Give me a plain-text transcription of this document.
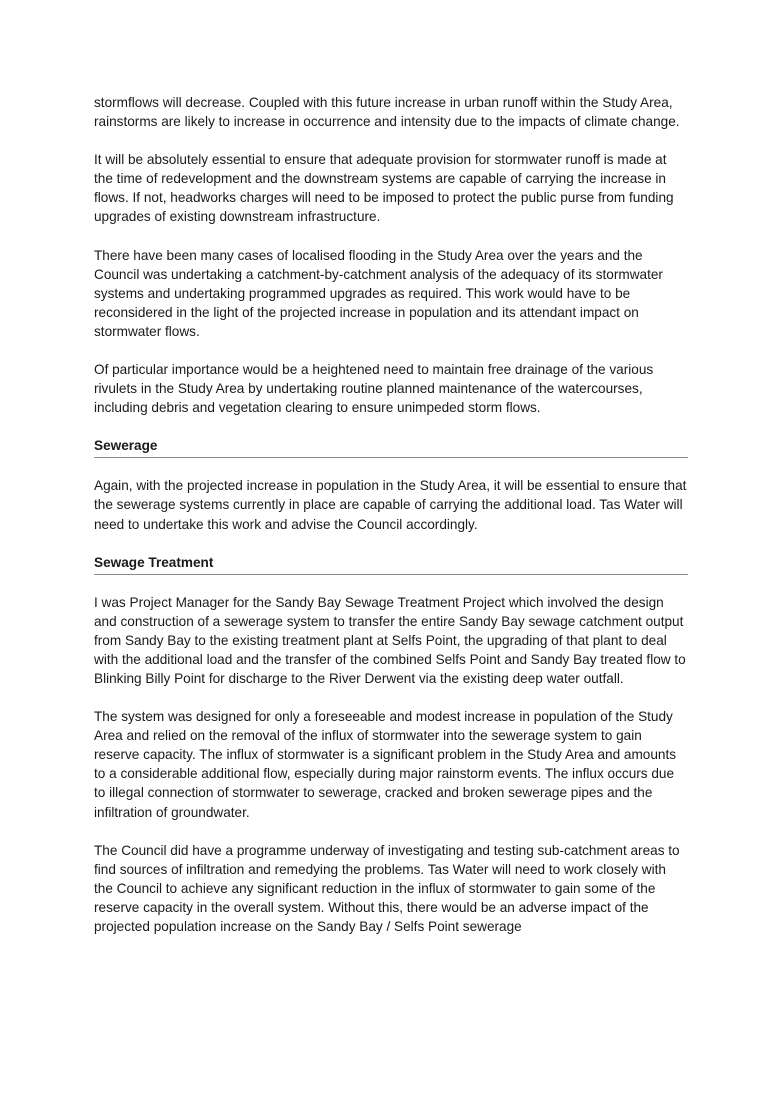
stormflows will decrease. Coupled with this future increase in urban runoff within the Study Area, rainstorms are likely to increase in occurrence and intensity due to the impacts of climate change.

It will be absolutely essential to ensure that adequate provision for stormwater runoff is made at the time of redevelopment and the downstream systems are capable of carrying the increase in flows. If not, headworks charges will need to be imposed to protect the public purse from funding upgrades of existing downstream infrastructure.

There have been many cases of localised flooding in the Study Area over the years and the Council was undertaking a catchment-by-catchment analysis of the adequacy of its stormwater systems and undertaking programmed upgrades as required. This work would have to be reconsidered in the light of the projected increase in population and its attendant impact on stormwater flows.

Of particular importance would be a heightened need to maintain free drainage of the various rivulets in the Study Area by undertaking routine planned maintenance of the watercourses, including debris and vegetation clearing to ensure unimpeded storm flows.

Sewerage

Again, with the projected increase in population in the Study Area, it will be essential to ensure that the sewerage systems currently in place are capable of carrying the additional load. Tas Water will need to undertake this work and advise the Council accordingly.

Sewage Treatment

I was Project Manager for the Sandy Bay Sewage Treatment Project which involved the design and construction of a sewerage system to transfer the entire Sandy Bay sewage catchment output from Sandy Bay to the existing treatment plant at Selfs Point, the upgrading of that plant to deal with the additional load and the transfer of the combined Selfs Point and Sandy Bay treated flow to Blinking Billy Point for discharge to the River Derwent via the existing deep water outfall.

The system was designed for only a foreseeable and modest increase in population of the Study Area and relied on the removal of the influx of stormwater into the sewerage system to gain reserve capacity. The influx of stormwater is a significant problem in the Study Area and amounts to a considerable additional flow, especially during major rainstorm events. The influx occurs due to illegal connection of stormwater to sewerage, cracked and broken sewerage pipes and the infiltration of groundwater.

The Council did have a programme underway of investigating and testing sub-catchment areas to find sources of infiltration and remedying the problems. Tas Water will need to work closely with the Council to achieve any significant reduction in the influx of stormwater to gain some of the reserve capacity in the overall system. Without this, there would be an adverse impact of the projected population increase on the Sandy Bay / Selfs Point sewerage
